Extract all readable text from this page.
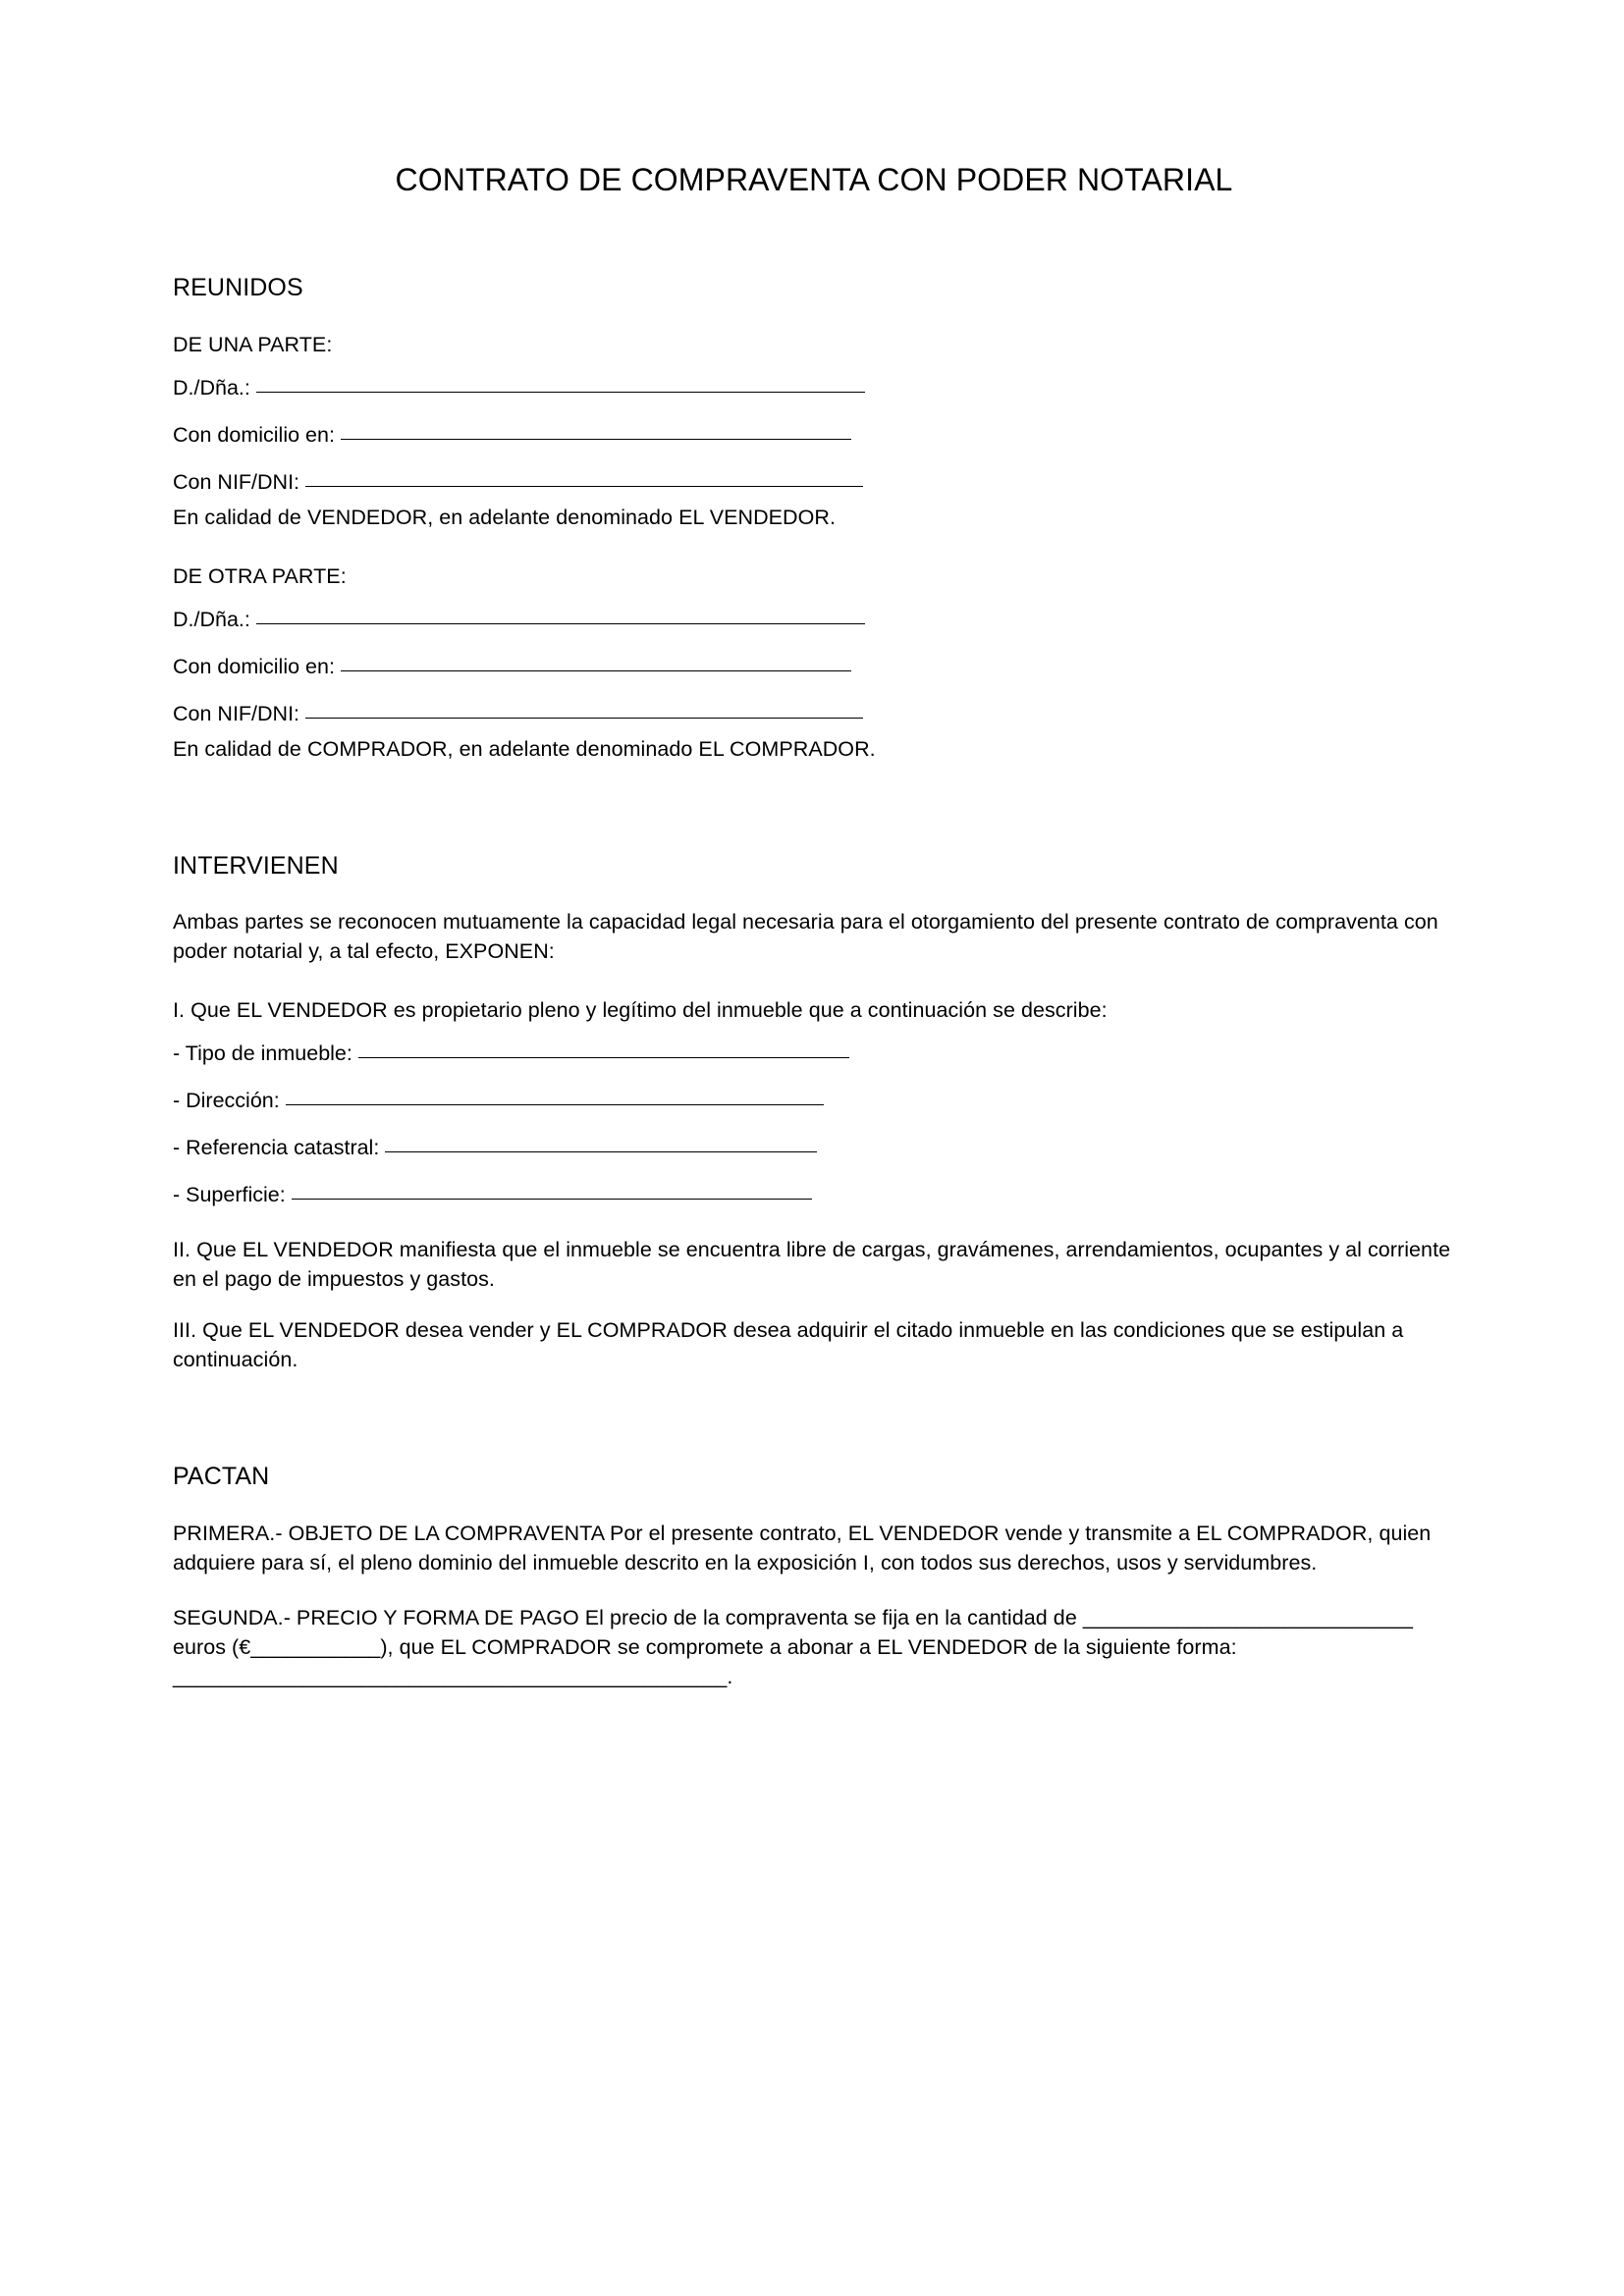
CONTRATO DE COMPRAVENTA CON PODER NOTARIAL
REUNIDOS

DE UNA PARTE:

D./Dña.:
Con domicilio en:
Con NIF/DNI:

En calidad de VENDEDOR, en adelante denominado EL VENDEDOR.

DE OTRA PARTE:

D./Dña.:
Con domicilio en:
Con NIF/DNI:

En calidad de COMPRADOR, en adelante denominado EL COMPRADOR.

INTERVIENEN

Ambas partes se reconocen mutuamente la capacidad legal necesaria para el otorgamiento del presente contrato de compraventa con poder notarial y, a tal efecto, EXPONEN:

I. Que EL VENDEDOR es propietario pleno y legítimo del inmueble que a continuación se describe:

- Tipo de inmueble:
- Dirección:
- Referencia catastral:
- Superficie:

II. Que EL VENDEDOR manifiesta que el inmueble se encuentra libre de cargas, gravámenes, arrendamientos, ocupantes y al corriente en el pago de impuestos y gastos.

III. Que EL VENDEDOR desea vender y EL COMPRADOR desea adquirir el citado inmueble en las condiciones que se estipulan a continuación.

PACTAN

PRIMERA.- OBJETO DE LA COMPRAVENTA Por el presente contrato, EL VENDEDOR vende y transmite a EL COMPRADOR, quien adquiere para sí, el pleno dominio del inmueble descrito en la exposición I, con todos sus derechos, usos y servidumbres.

SEGUNDA.- PRECIO Y FORMA DE PAGO El precio de la compraventa se fija en la cantidad de ____________________________ euros (€___________), que EL COMPRADOR se compromete a abonar a EL VENDEDOR de la siguiente forma: _______________________________________________.
